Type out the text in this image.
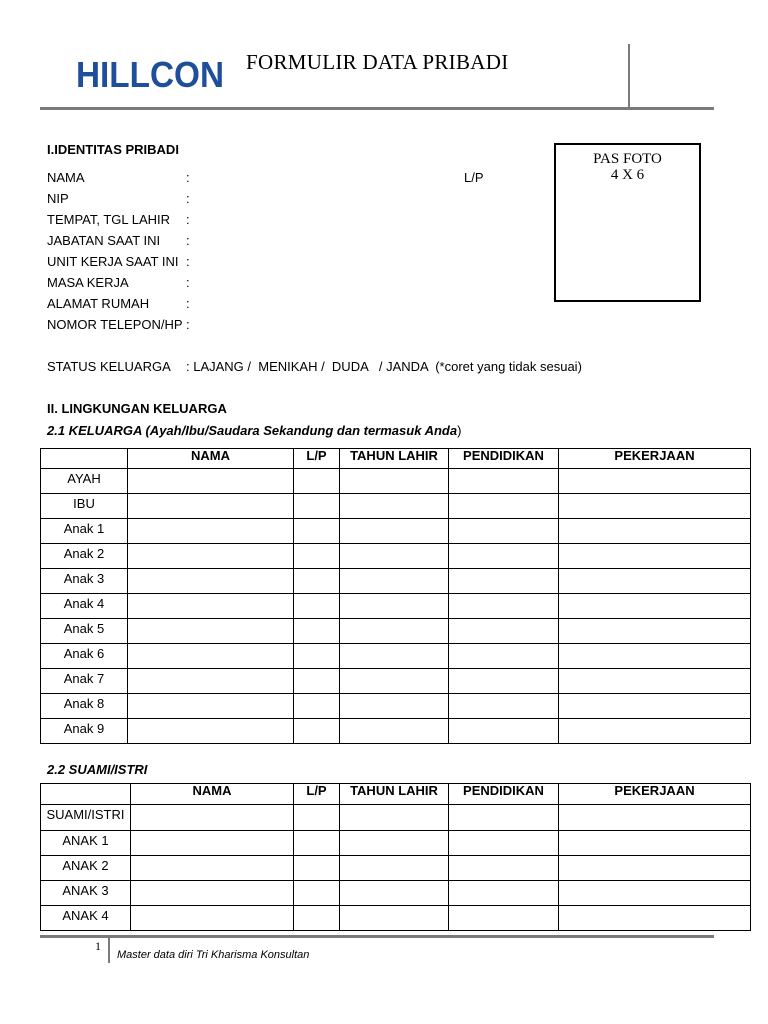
HILLCON FORMULIR DATA PRIBADI
I.IDENTITAS PRIBADI
NAMA	:
NIP	:
TEMPAT, TGL LAHIR :
JABATAN SAAT INI :
UNIT KERJA SAAT INI :
MASA KERJA	:
ALAMAT RUMAH	:
NOMOR TELEPON/HP :
L/P
PAS FOTO
4 X 6
STATUS KELUARGA : LAJANG /  MENIKAH /  DUDA   / JANDA  (*coret yang tidak sesuai)
II. LINGKUNGAN KELUARGA
2.1 KELUARGA (Ayah/Ibu/Saudara Sekandung dan termasuk Anda)
	NAMA	L/P	TAHUN LAHIR	PENDIDIKAN	PEKERJAAN
AYAH					
IBU					
Anak 1					
Anak 2					
Anak 3					
Anak 4					
Anak 5					
Anak 6					
Anak 7					
Anak 8					
Anak 9					
2.2 SUAMI/ISTRI
	NAMA	L/P	TAHUN LAHIR	PENDIDIKAN	PEKERJAAN
SUAMI/ISTRI					
ANAK 1					
ANAK 2					
ANAK 3					
ANAK 4					
1
Master data diri Tri Kharisma Konsultan
